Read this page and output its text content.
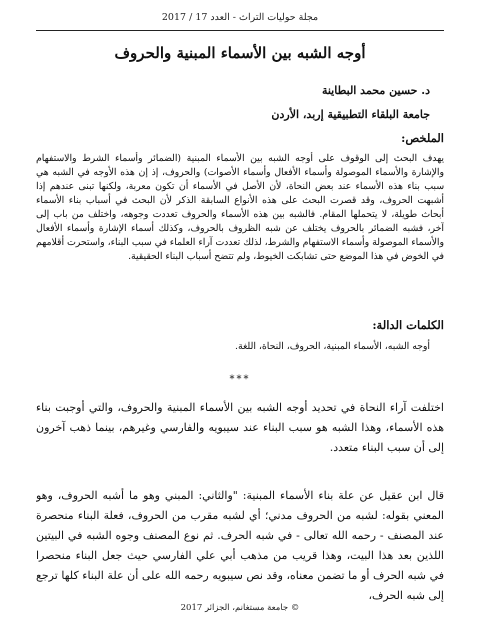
مجلة حوليات التراث - العدد 17 / 2017
أوجه الشبه بين الأسماء المبنية والحروف
د. حسين محمد البطاينة
جامعة البلقاء التطبيقية إربد، الأردن
الملخص:
يهدف البحث إلى الوقوف على أوجه الشبه بين الأسماء المبنية (الضمائر وأسماء الشرط والاستفهام والإشارة والأسماء الموصولة وأسماء الأفعال وأسماء الأصوات) والحروف، إذ إن هذه الأوجه في الشبه هي سبب بناء هذه الأسماء عند بعض النحاة، لأن الأصل في الأسماء أن تكون معربة، ولكنها تبنى عندهم إذا أشبهت الحروف، وقد قصرت البحث على هذه الأنواع السابقة الذكر لأن البحث في أسباب بناء الأسماء أبحاث طويلة، لا يتحملها المقام. فالشبه بين هذه الأسماء والحروف تعددت وجوهه، واختلف من باب إلى آخر، فشبه الضمائر بالحروف يختلف عن شبه الظروف بالحروف، وكذلك أسماء الإشارة وأسماء الأفعال والأسماء الموصولة وأسماء الاستفهام والشرط، لذلك تعددت آراء العلماء في سبب البناء، واستحرت أقلامهم في الخوض في هذا الموضع حتى تشابكت الخيوط، ولم تتضح أسباب البناء الحقيقية.
الكلمات الدالة:
أوجه الشبه، الأسماء المبنية، الحروف، النحاة، اللغة.
***
اختلفت آراء النحاة في تحديد أوجه الشبه بين الأسماء المبنية والحروف، والتي أوجبت بناء هذه الأسماء، وهذا الشبه هو سبب البناء عند سيبويه والفارسي وغيرهم، بينما ذهب آخرون إلى أن سبب البناء متعدد.
قال ابن عقيل عن علة بناء الأسماء المبنية: "والثاني: المبني وهو ما أشبه الحروف، وهو المعني بقوله: لشبه من الحروف مدني؛ أي لشبه مقرب من الحروف، فعلة البناء منحصرة عند المصنف - رحمه الله تعالى - في شبه الحرف. ثم نوع المصنف وجوه الشبه في البيتين اللذين بعد هذا البيت، وهذا قريب من مذهب أبي علي الفارسي حيث جعل البناء منحصرا في شبه الحرف أو ما تضمن معناه، وقد نص سيبويه رحمه الله على أن علة البناء كلها ترجع إلى شبه الحرف،
© جامعة مستغانم، الجزائر 2017
